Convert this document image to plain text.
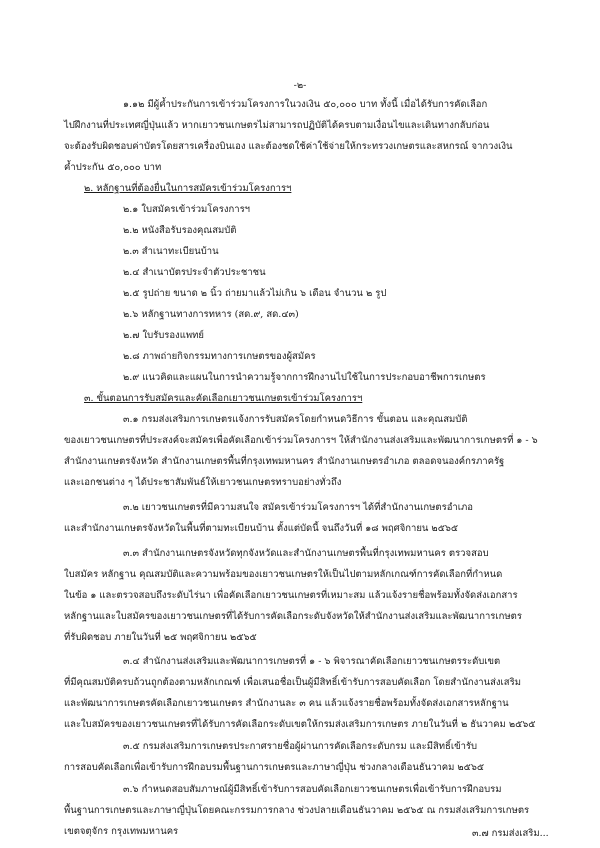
-๒-
๑.๑๒ มีผู้ค้ำประกันการเข้าร่วมโครงการในวงเงิน ๕๐,๐๐๐ บาท ทั้งนี้ เมื่อได้รับการคัดเลือก
ไปฝึกงานที่ประเทศญี่ปุ่นแล้ว หากเยาวชนเกษตรไม่สามารถปฏิบัติได้ครบตามเงื่อนไขและเดินทางกลับก่อน
จะต้องรับผิดชอบค่าบัตรโดยสารเครื่องบินเอง และต้องชดใช้ค่าใช้จ่ายให้กระทรวงเกษตรและสหกรณ์ จากวงเงิน
ค้ำประกัน ๕๐,๐๐๐ บาท
๒. หลักฐานที่ต้องยื่นในการสมัครเข้าร่วมโครงการฯ
๒.๑ ใบสมัครเข้าร่วมโครงการฯ
๒.๒ หนังสือรับรองคุณสมบัติ
๒.๓ สำเนาทะเบียนบ้าน
๒.๔ สำเนาบัตรประจำตัวประชาชน
๒.๕ รูปถ่าย ขนาด ๒ นิ้ว ถ่ายมาแล้วไม่เกิน ๖ เดือน จำนวน ๒ รูป
๒.๖ หลักฐานทางการทหาร (สด.๙, สด.๔๓)
๒.๗ ใบรับรองแพทย์
๒.๘ ภาพถ่ายกิจกรรมทางการเกษตรของผู้สมัคร
๒.๙ แนวคิดและแผนในการนำความรู้จากการฝึกงานไปใช้ในการประกอบอาชีพการเกษตร
๓. ขั้นตอนการรับสมัครและคัดเลือกเยาวชนเกษตรเข้าร่วมโครงการฯ
๓.๑ กรมส่งเสริมการเกษตรแจ้งการรับสมัครโดยกำหนดวิธีการ ขั้นตอน และคุณสมบัติ
ของเยาวชนเกษตรที่ประสงค์จะสมัครเพื่อคัดเลือกเข้าร่วมโครงการฯ ให้สำนักงานส่งเสริมและพัฒนาการเกษตรที่ ๑ - ๖
สำนักงานเกษตรจังหวัด สำนักงานเกษตรพื้นที่กรุงเทพมหานคร สำนักงานเกษตรอำเภอ ตลอดจนองค์กรภาครัฐ
และเอกชนต่าง ๆ ได้ประชาสัมพันธ์ให้เยาวชนเกษตรทราบอย่างทั่วถึง
๓.๒ เยาวชนเกษตรที่มีความสนใจ สมัครเข้าร่วมโครงการฯ ได้ที่สำนักงานเกษตรอำเภอ
และสำนักงานเกษตรจังหวัดในพื้นที่ตามทะเบียนบ้าน ตั้งแต่บัดนี้ จนถึงวันที่ ๑๘ พฤศจิกายน ๒๕๖๕
๓.๓ สำนักงานเกษตรจังหวัดทุกจังหวัดและสำนักงานเกษตรพื้นที่กรุงเทพมหานคร ตรวจสอบ
ใบสมัคร หลักฐาน คุณสมบัติและความพร้อมของเยาวชนเกษตรให้เป็นไปตามหลักเกณฑ์การคัดเลือกที่กำหนด
ในข้อ ๑ และตรวจสอบถึงระดับไร่นา เพื่อคัดเลือกเยาวชนเกษตรที่เหมาะสม แล้วแจ้งรายชื่อพร้อมทั้งจัดส่งเอกสาร
หลักฐานและใบสมัครของเยาวชนเกษตรที่ได้รับการคัดเลือกระดับจังหวัดให้สำนักงานส่งเสริมและพัฒนาการเกษตร
ที่รับผิดชอบ ภายในวันที่ ๒๕ พฤศจิกายน ๒๕๖๕
๓.๔ สำนักงานส่งเสริมและพัฒนาการเกษตรที่ ๑ - ๖ พิจารณาคัดเลือกเยาวชนเกษตรระดับเขต
ที่มีคุณสมบัติครบถ้วนถูกต้องตามหลักเกณฑ์ เพื่อเสนอชื่อเป็นผู้มีสิทธิ์เข้ารับการสอบคัดเลือก โดยสำนักงานส่งเสริม
และพัฒนาการเกษตรคัดเลือกเยาวชนเกษตร สำนักงานละ ๓ คน แล้วแจ้งรายชื่อพร้อมทั้งจัดส่งเอกสารหลักฐาน
และใบสมัครของเยาวชนเกษตรที่ได้รับการคัดเลือกระดับเขตให้กรมส่งเสริมการเกษตร ภายในวันที่ ๒ ธันวาคม ๒๕๖๕
๓.๕ กรมส่งเสริมการเกษตรประกาศรายชื่อผู้ผ่านการคัดเลือกระดับกรม และมีสิทธิ์เข้ารับ
การสอบคัดเลือกเพื่อเข้ารับการฝึกอบรมพื้นฐานการเกษตรและภาษาญี่ปุ่น ช่วงกลางเดือนธันวาคม ๒๕๖๕
๓.๖ กำหนดสอบสัมภาษณ์ผู้มีสิทธิ์เข้ารับการสอบคัดเลือกเยาวชนเกษตรเพื่อเข้ารับการฝึกอบรม
พื้นฐานการเกษตรและภาษาญี่ปุ่นโดยคณะกรรมการกลาง ช่วงปลายเดือนธันวาคม ๒๕๖๕ ณ กรมส่งเสริมการเกษตร
เขตจตุจักร กรุงเทพมหานคร	๓.๗ กรมส่งเสริม...
